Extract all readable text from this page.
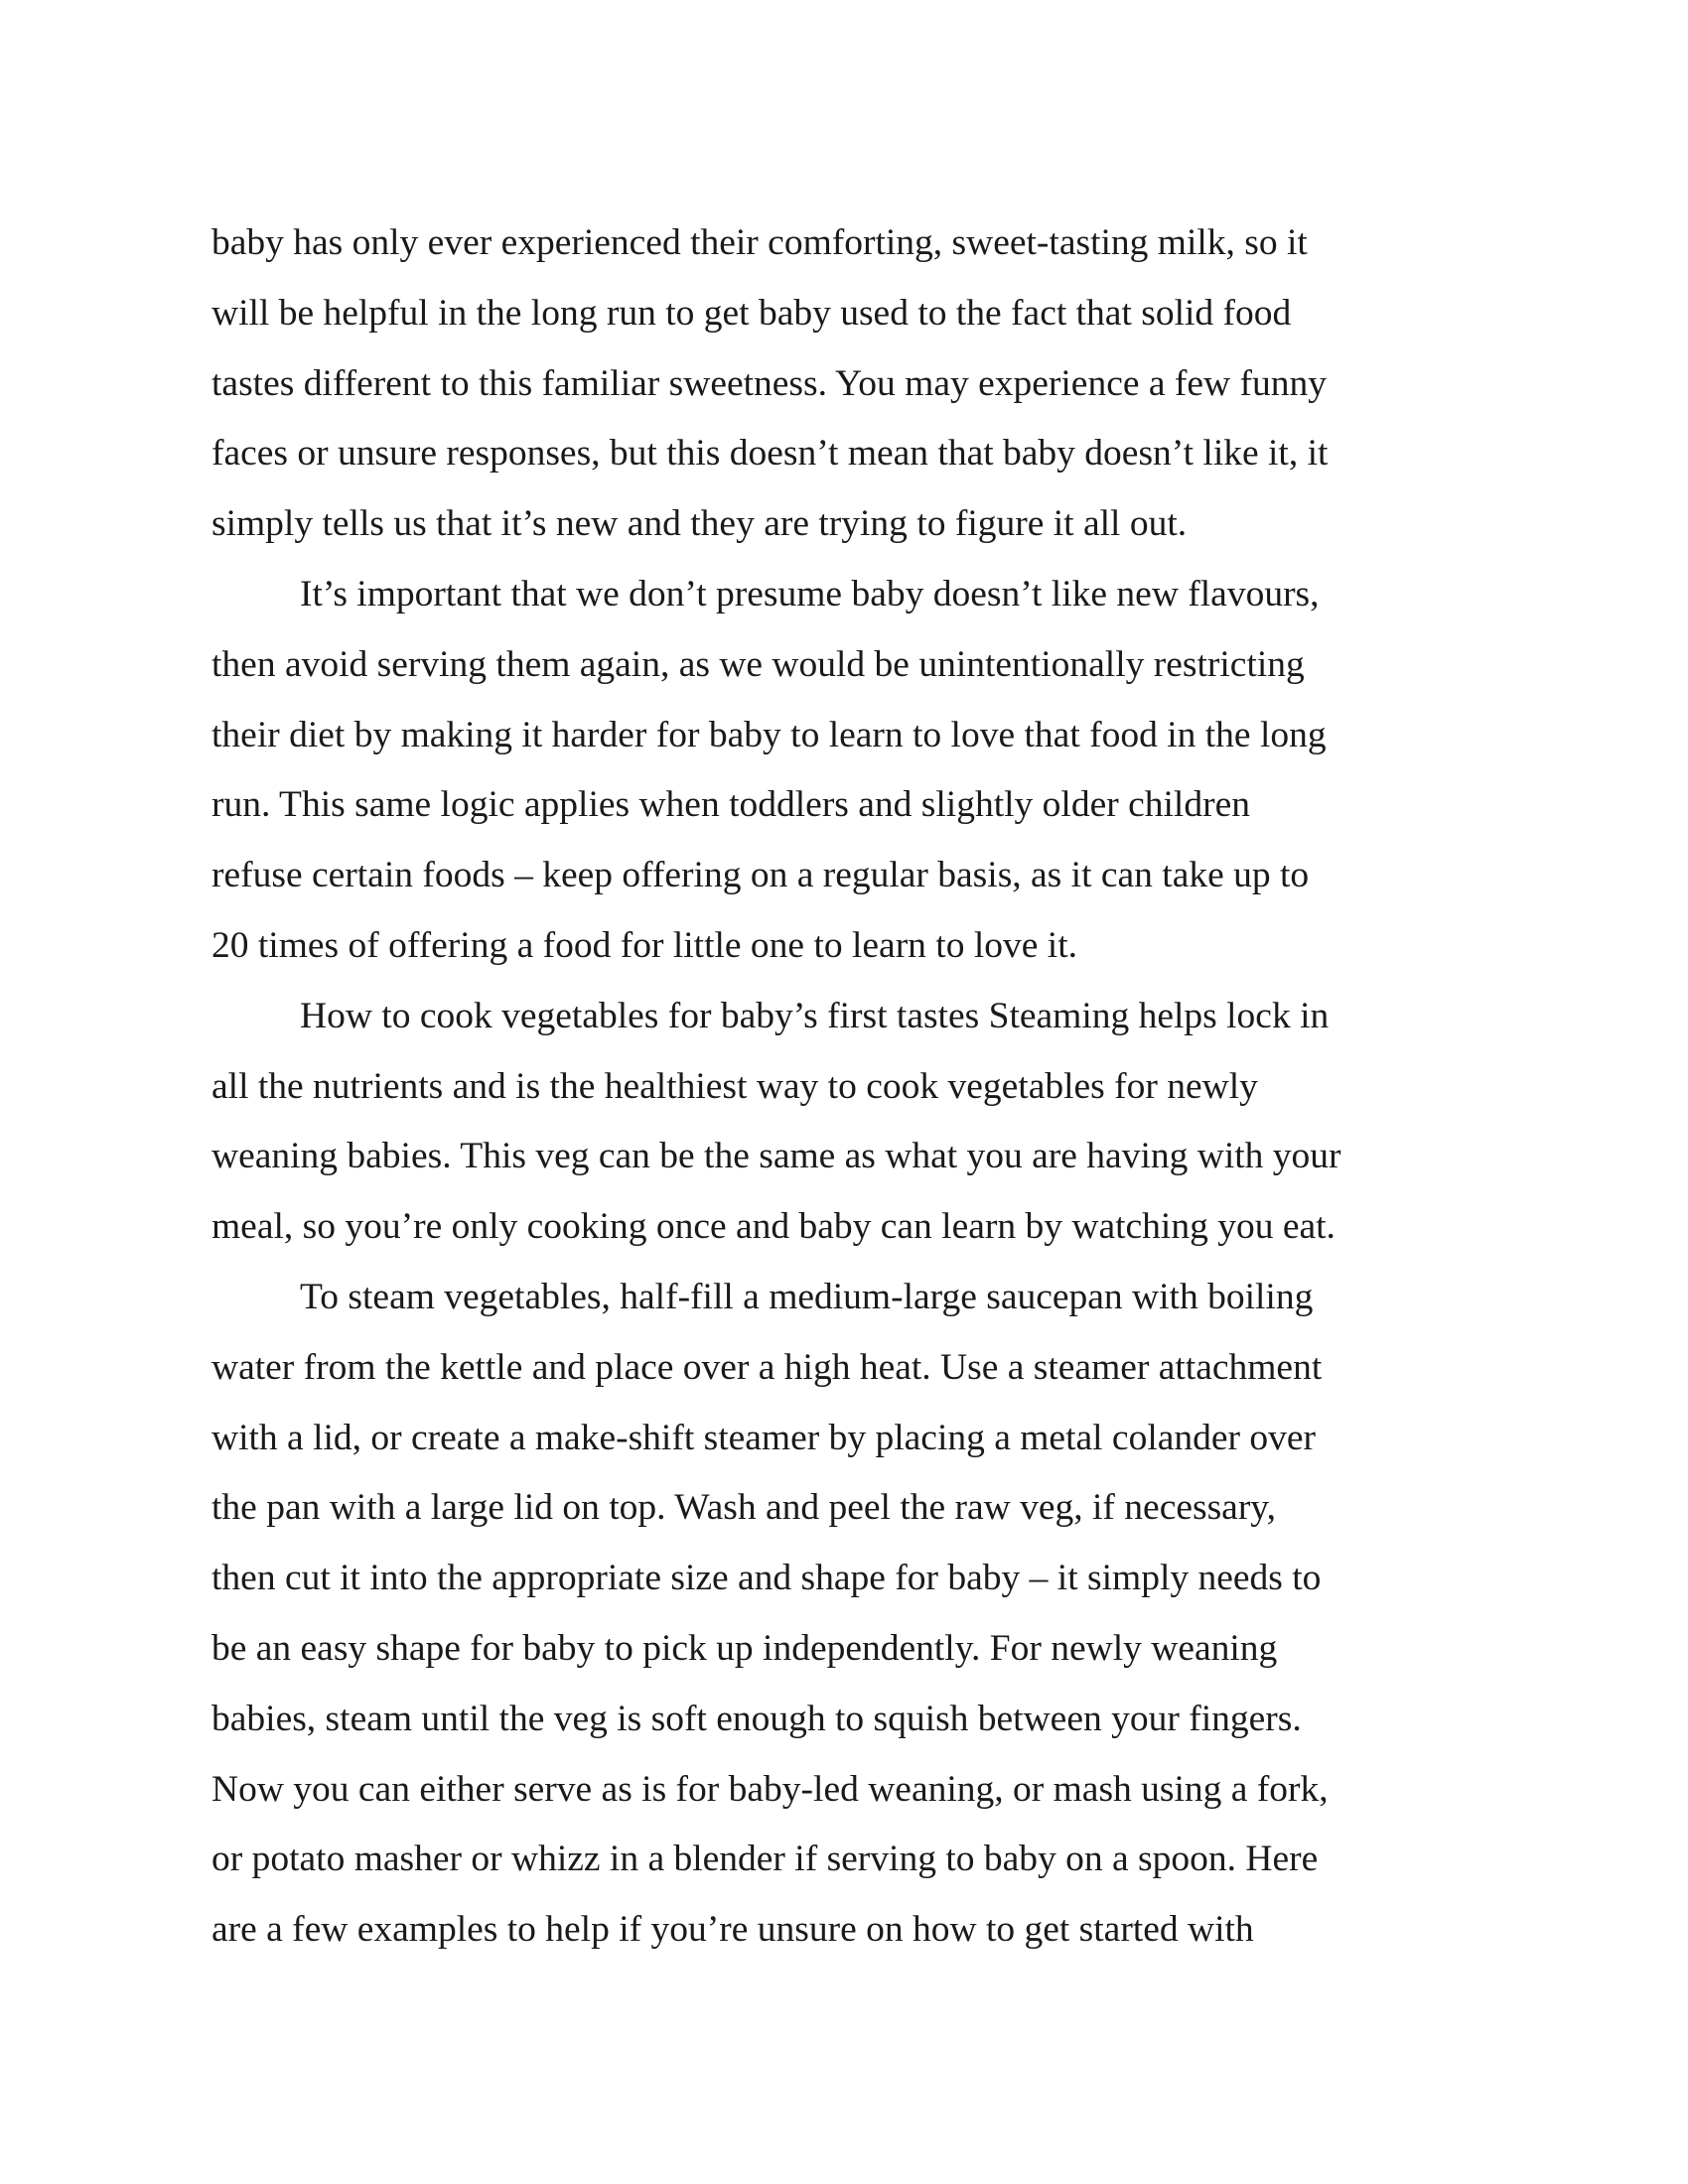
baby has only ever experienced their comforting, sweet-tasting milk, so it
will be helpful in the long run to get baby used to the fact that solid food
tastes different to this familiar sweetness. You may experience a few funny
faces or unsure responses, but this doesn’t mean that baby doesn’t like it, it
simply tells us that it’s new and they are trying to figure it all out.
It’s important that we don’t presume baby doesn’t like new flavours,
then avoid serving them again, as we would be unintentionally restricting
their diet by making it harder for baby to learn to love that food in the long
run. This same logic applies when toddlers and slightly older children
refuse certain foods – keep offering on a regular basis, as it can take up to
20 times of offering a food for little one to learn to love it.
How to cook vegetables for baby’s first tastes Steaming helps lock in
all the nutrients and is the healthiest way to cook vegetables for newly
weaning babies. This veg can be the same as what you are having with your
meal, so you’re only cooking once and baby can learn by watching you eat.
To steam vegetables, half-fill a medium-large saucepan with boiling
water from the kettle and place over a high heat. Use a steamer attachment
with a lid, or create a make-shift steamer by placing a metal colander over
the pan with a large lid on top. Wash and peel the raw veg, if necessary,
then cut it into the appropriate size and shape for baby – it simply needs to
be an easy shape for baby to pick up independently. For newly weaning
babies, steam until the veg is soft enough to squish between your fingers.
Now you can either serve as is for baby-led weaning, or mash using a fork,
or potato masher or whizz in a blender if serving to baby on a spoon. Here
are a few examples to help if you’re unsure on how to get started with
